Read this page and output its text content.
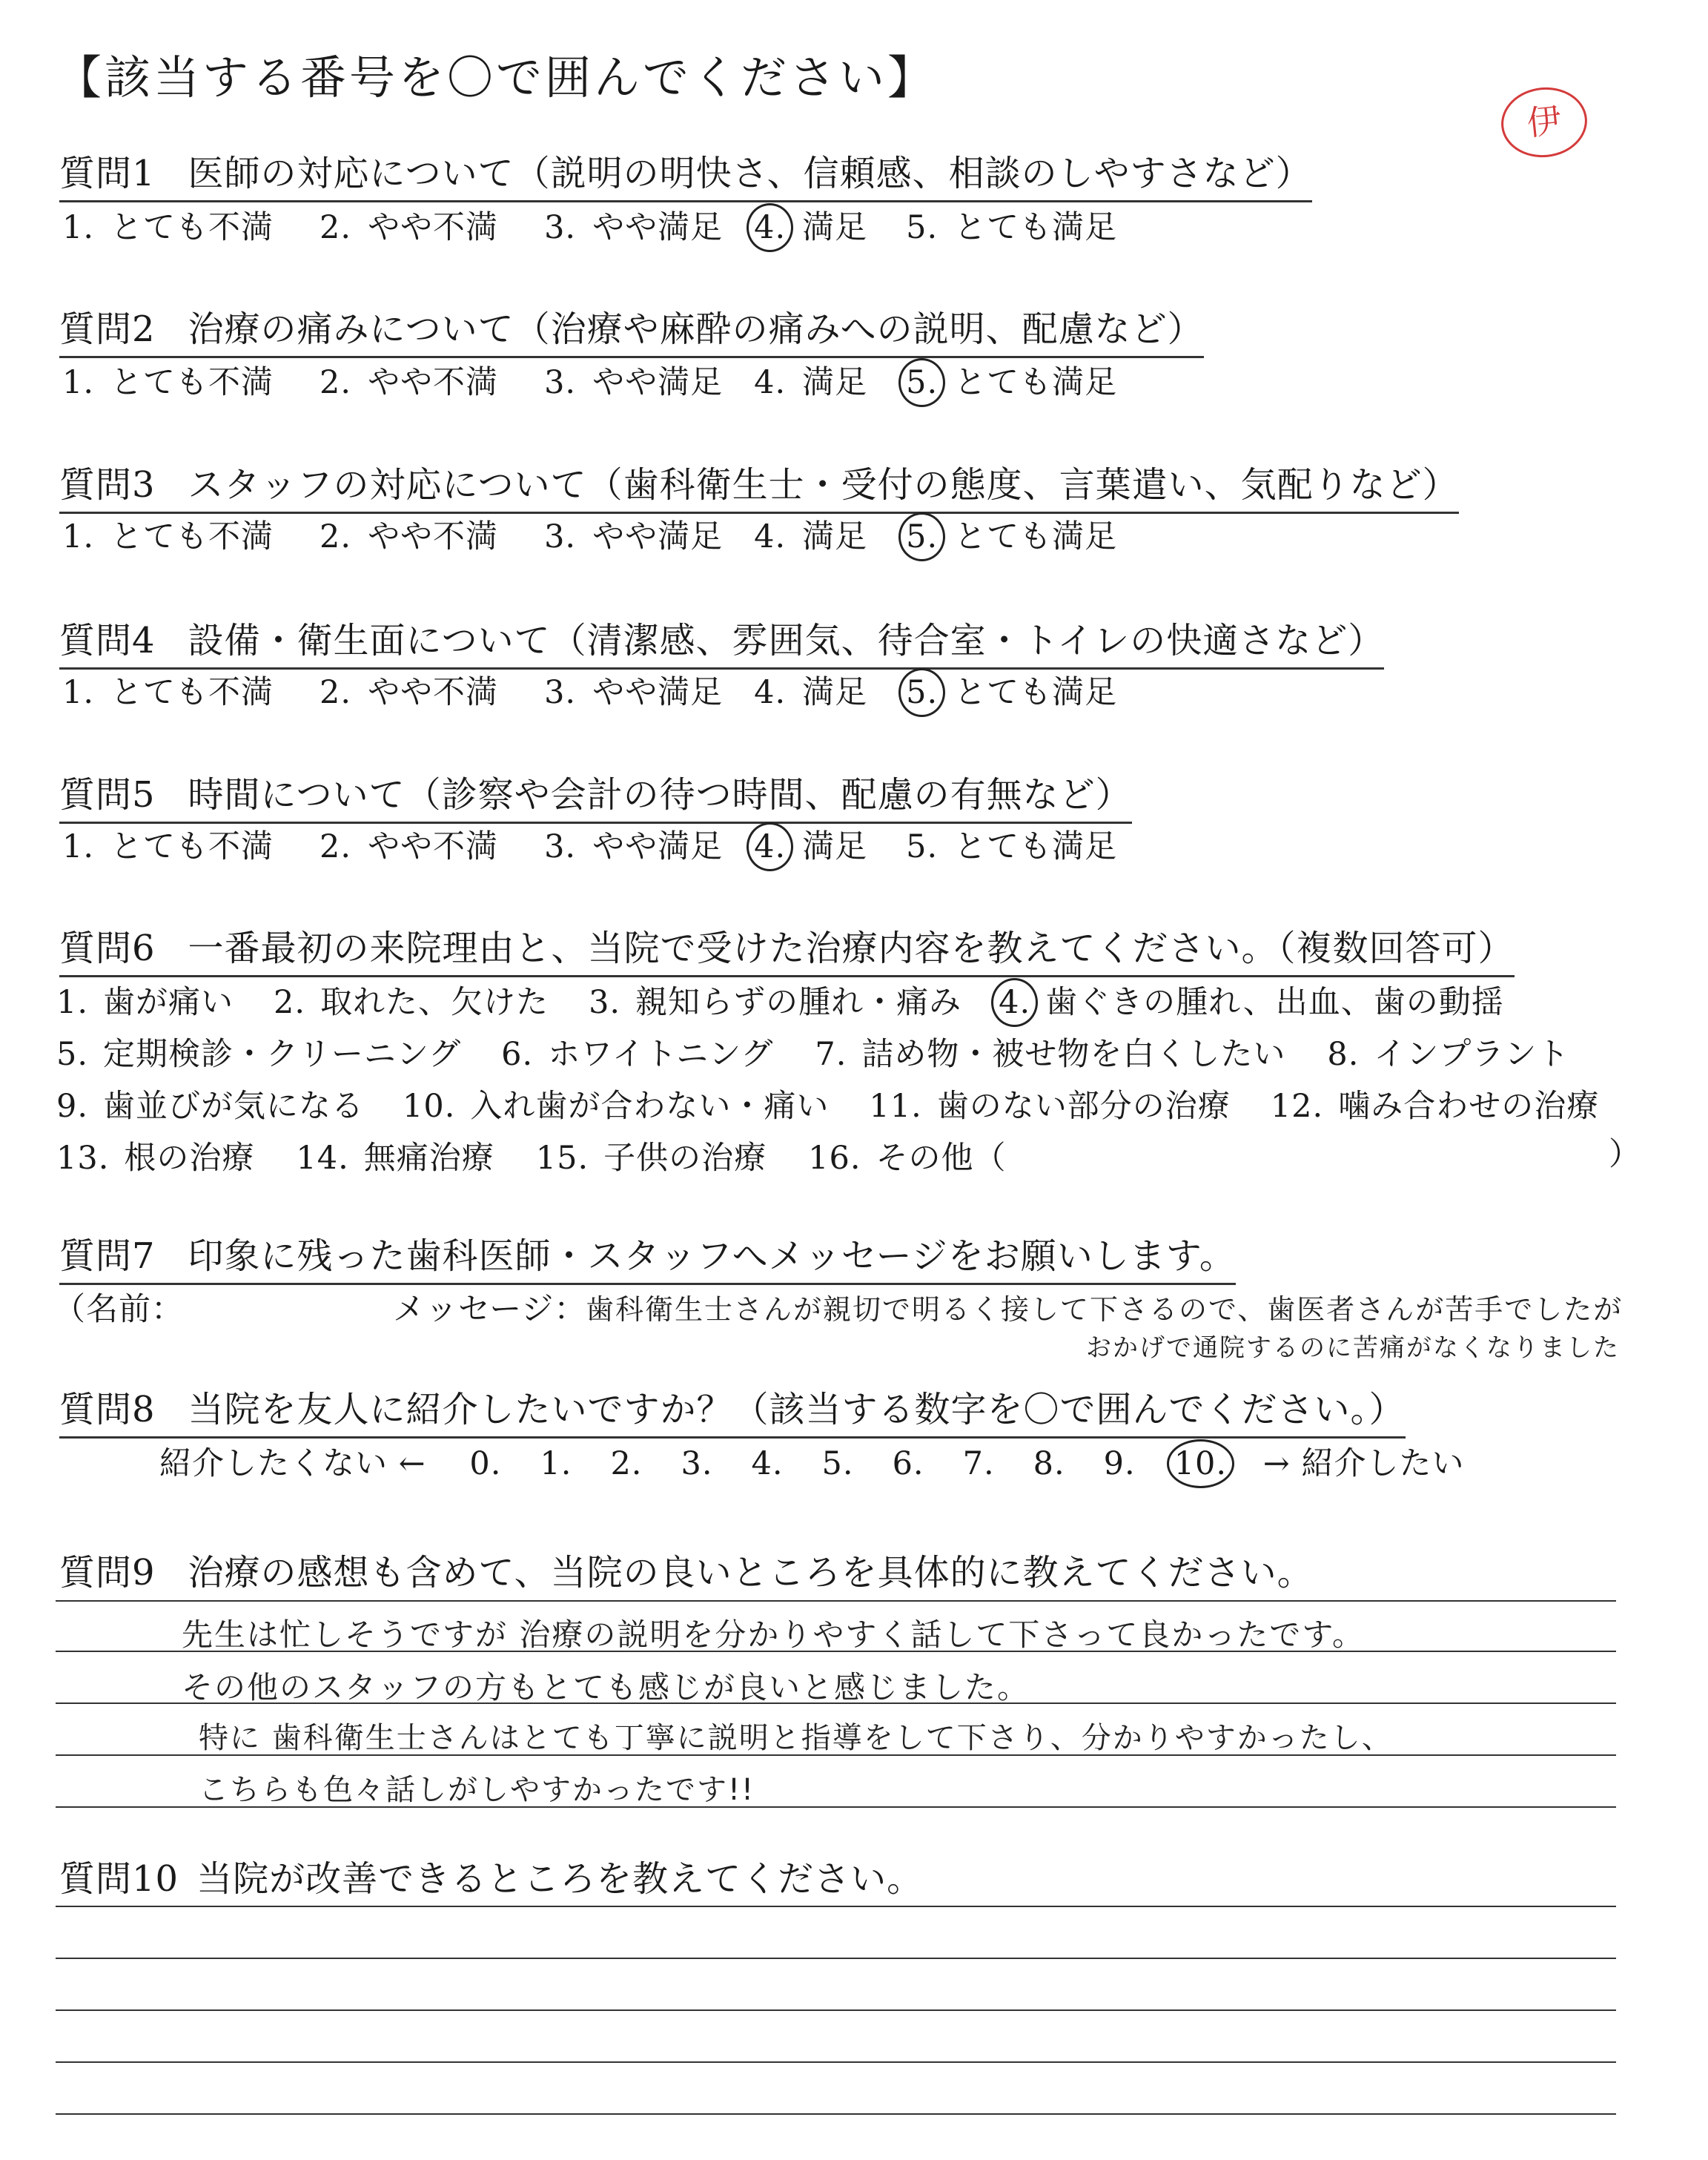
【該当する番号を〇で囲んでください】
伊
質問1 医師の対応について（説明の明快さ、信頼感、相談のしやすさなど）
1. とても不満 2. やや不満 3. やや満足 4. 満足 5. とても満足
質問2 治療の痛みについて（治療や麻酔の痛みへの説明、配慮など）
1. とても不満 2. やや不満 3. やや満足 4. 満足 5. とても満足
質問3 スタッフの対応について（歯科衛生士・受付の態度、言葉遣い、気配りなど）
1. とても不満 2. やや不満 3. やや満足 4. 満足 5. とても満足
質問4 設備・衛生面について（清潔感、雰囲気、待合室・トイレの快適さなど）
1. とても不満 2. やや不満 3. やや満足 4. 満足 5. とても満足
質問5 時間について（診察や会計の待つ時間、配慮の有無など）
1. とても不満 2. やや不満 3. やや満足 4. 満足 5. とても満足
質問6 一番最初の来院理由と、当院で受けた治療内容を教えてください。（複数回答可）
1. 歯が痛い 2. 取れた、欠けた 3. 親知らずの腫れ・痛み 4. 歯ぐきの腫れ、出血、歯の動揺
5. 定期検診・クリーニング 6. ホワイトニング 7. 詰め物・被せ物を白くしたい 8. インプラント
9. 歯並びが気になる 10. 入れ歯が合わない・痛い 11. 歯のない部分の治療 12. 噛み合わせの治療
13. 根の治療 14. 無痛治療 15. 子供の治療 16. その他（	）
質問7 印象に残った歯科医師・スタッフへメッセージをお願いします。
（名前：	メッセージ：
歯科衛生士さんが親切で明るく接して下さるので、歯医者さんが苦手でしたが
おかげで通院するのに苦痛がなくなりました
質問8 当院を友人に紹介したいですか？（該当する数字を〇で囲んでください。）
紹介したくない ← 0. 1. 2. 3. 4. 5. 6. 7. 8. 9. 10. → 紹介したい
質問9 治療の感想も含めて、当院の良いところを具体的に教えてください。
先生は忙しそうですが 治療の説明を分かりやすく話して下さって良かったです。
その他のスタッフの方もとても感じが良いと感じました。
特に 歯科衛生士さんはとても丁寧に説明と指導をして下さり、分かりやすかったし、
こちらも色々話しがしやすかったです!!
質問10 当院が改善できるところを教えてください。
